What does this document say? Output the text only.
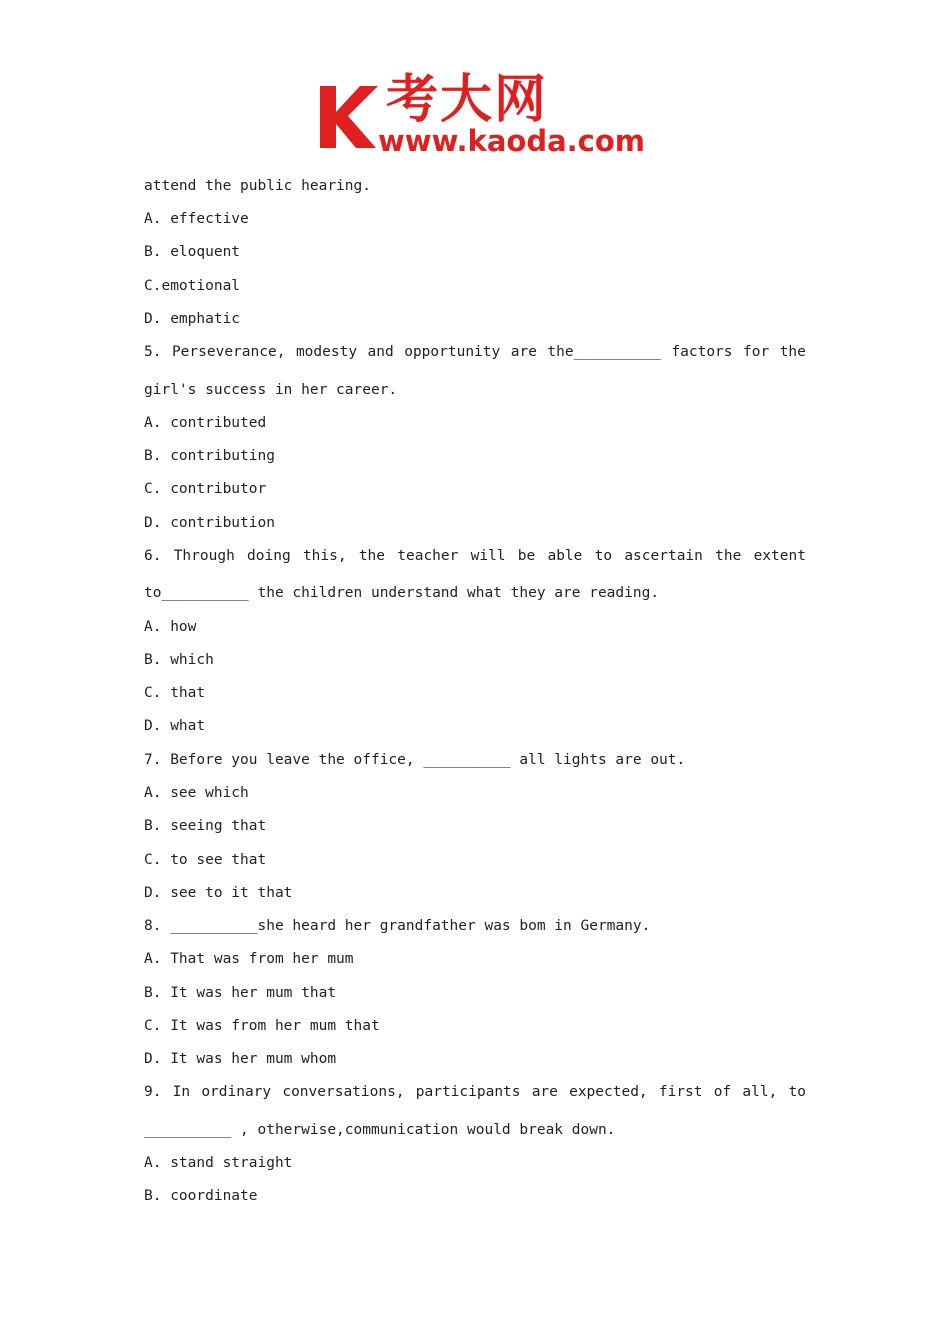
考大网
www.kaoda.com
attend the public hearing.
A. effective
B. eloquent
C.emotional
D. emphatic
5. Perseverance, modesty and opportunity are the__________ factors for the
girl's success in her career.
A. contributed
B. contributing
C. contributor
D. contribution
6. Through doing this, the teacher will be able to ascertain the extent
to__________ the children understand what they are reading.
A. how
B. which
C. that
D. what
7. Before you leave the office, __________ all lights are out.
A. see which
B. seeing that
C. to see that
D. see to it that
8. __________she heard her grandfather was bom in Germany.
A. That was from her mum
B. It was her mum that
C. It was from her mum that
D. It was her mum whom
9. In ordinary conversations, participants are expected, first of all, to
__________ , otherwise,communication would break down.
A. stand straight
B. coordinate
